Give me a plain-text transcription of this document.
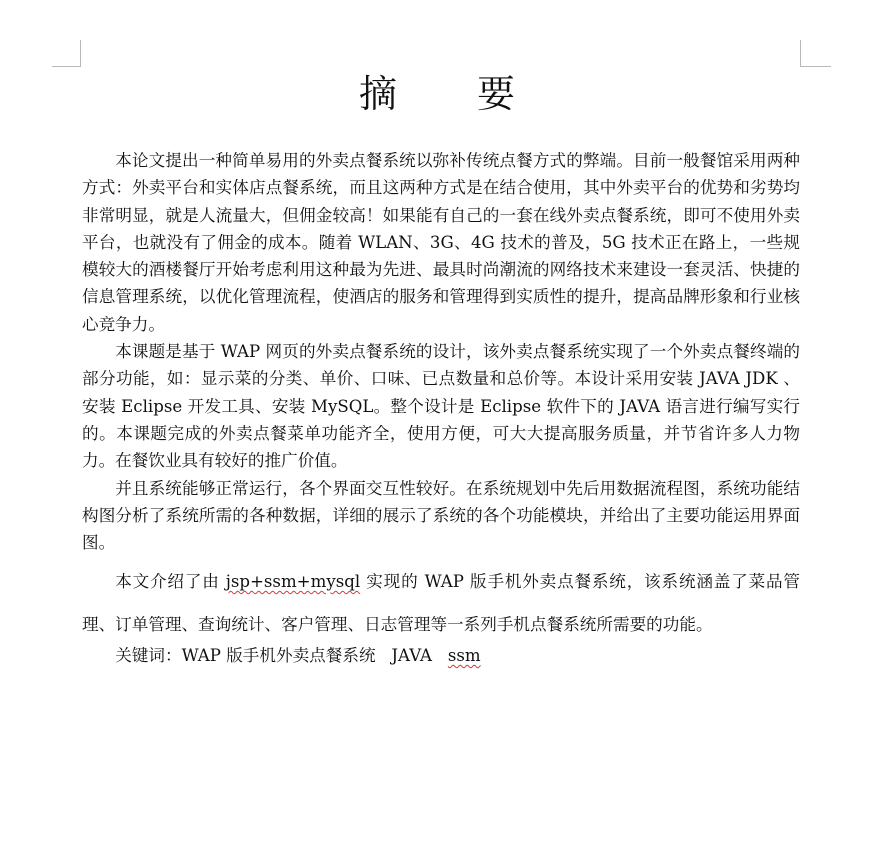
摘 要

本论文提出一种简单易用的外卖点餐系统以弥补传统点餐方式的弊端。目前一般餐馆采用两种方式：外卖平台和实体店点餐系统，而且这两种方式是在结合使用，其中外卖平台的优势和劣势均非常明显，就是人流量大，但佣金较高！如果能有自己的一套在线外卖点餐系统，即可不使用外卖平台，也就没有了佣金的成本。随着 WLAN、3G、4G 技术的普及，5G 技术正在路上，一些规模较大的酒楼餐厅开始考虑利用这种最为先进、最具时尚潮流的网络技术来建设一套灵活、快捷的信息管理系统，以优化管理流程，使酒店的服务和管理得到实质性的提升，提高品牌形象和行业核心竞争力。

本课题是基于 WAP 网页的外卖点餐系统的设计，该外卖点餐系统实现了一个外卖点餐终端的部分功能，如：显示菜的分类、单价、口味、已点数量和总价等。本设计采用安装 JAVA JDK 、安装 Eclipse 开发工具、安装 MySQL。整个设计是 Eclipse 软件下的 JAVA 语言进行编写实行的。本课题完成的外卖点餐菜单功能齐全，使用方便，可大大提高服务质量，并节省许多人力物力。在餐饮业具有较好的推广价值。

并且系统能够正常运行，各个界面交互性较好。在系统规划中先后用数据流程图，系统功能结构图分析了系统所需的各种数据，详细的展示了系统的各个功能模块，并给出了主要功能运用界面图。

本文介绍了由 jsp+ssm+mysql 实现的 WAP 版手机外卖点餐系统，该系统涵盖了菜品管理、订单管理、查询统计、客户管理、日志管理等一系列手机点餐系统所需要的功能。
关键词：WAP 版手机外卖点餐系统 JAVA ssm
